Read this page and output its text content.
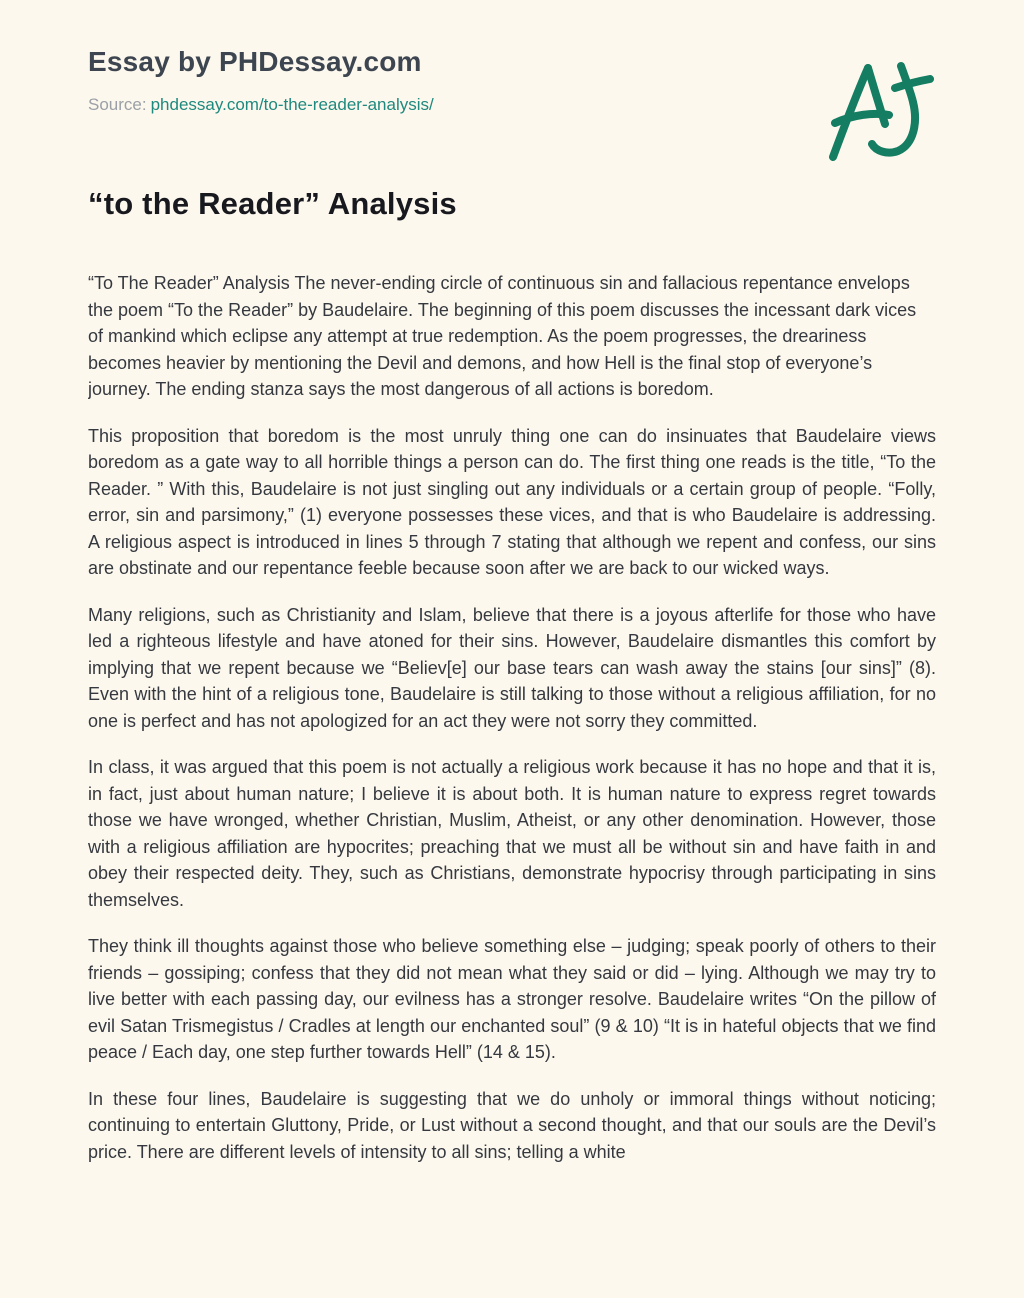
Essay by PHDessay.com

Source: phdessay.com/to-the-reader-analysis/

“to the Reader” Analysis

“To The Reader” Analysis The never-ending circle of continuous sin and fallacious repentance envelops the poem “To the Reader” by Baudelaire. The beginning of this poem discusses the incessant dark vices of mankind which eclipse any attempt at true redemption. As the poem progresses, the dreariness becomes heavier by mentioning the Devil and demons, and how Hell is the final stop of everyone’s journey. The ending stanza says the most dangerous of all actions is boredom.

This proposition that boredom is the most unruly thing one can do insinuates that Baudelaire views boredom as a gate way to all horrible things a person can do. The first thing one reads is the title, “To the Reader. ” With this, Baudelaire is not just singling out any individuals or a certain group of people. “Folly, error, sin and parsimony,” (1) everyone possesses these vices, and that is who Baudelaire is addressing. A religious aspect is introduced in lines 5 through 7 stating that although we repent and confess, our sins are obstinate and our repentance feeble because soon after we are back to our wicked ways.

Many religions, such as Christianity and Islam, believe that there is a joyous afterlife for those who have led a righteous lifestyle and have atoned for their sins. However, Baudelaire dismantles this comfort by implying that we repent because we “Believ[e] our base tears can wash away the stains [our sins]” (8). Even with the hint of a religious tone, Baudelaire is still talking to those without a religious affiliation, for no one is perfect and has not apologized for an act they were not sorry they committed.

In class, it was argued that this poem is not actually a religious work because it has no hope and that it is, in fact, just about human nature; I believe it is about both. It is human nature to express regret towards those we have wronged, whether Christian, Muslim, Atheist, or any other denomination. However, those with a religious affiliation are hypocrites; preaching that we must all be without sin and have faith in and obey their respected deity. They, such as Christians, demonstrate hypocrisy through participating in sins themselves.

They think ill thoughts against those who believe something else – judging; speak poorly of others to their friends – gossiping; confess that they did not mean what they said or did – lying. Although we may try to live better with each passing day, our evilness has a stronger resolve. Baudelaire writes “On the pillow of evil Satan Trismegistus / Cradles at length our enchanted soul” (9 & 10) “It is in hateful objects that we find peace / Each day, one step further towards Hell” (14 & 15).

In these four lines, Baudelaire is suggesting that we do unholy or immoral things without noticing; continuing to entertain Gluttony, Pride, or Lust without a second thought, and that our souls are the Devil’s price. There are different levels of intensity to all sins; telling a white
